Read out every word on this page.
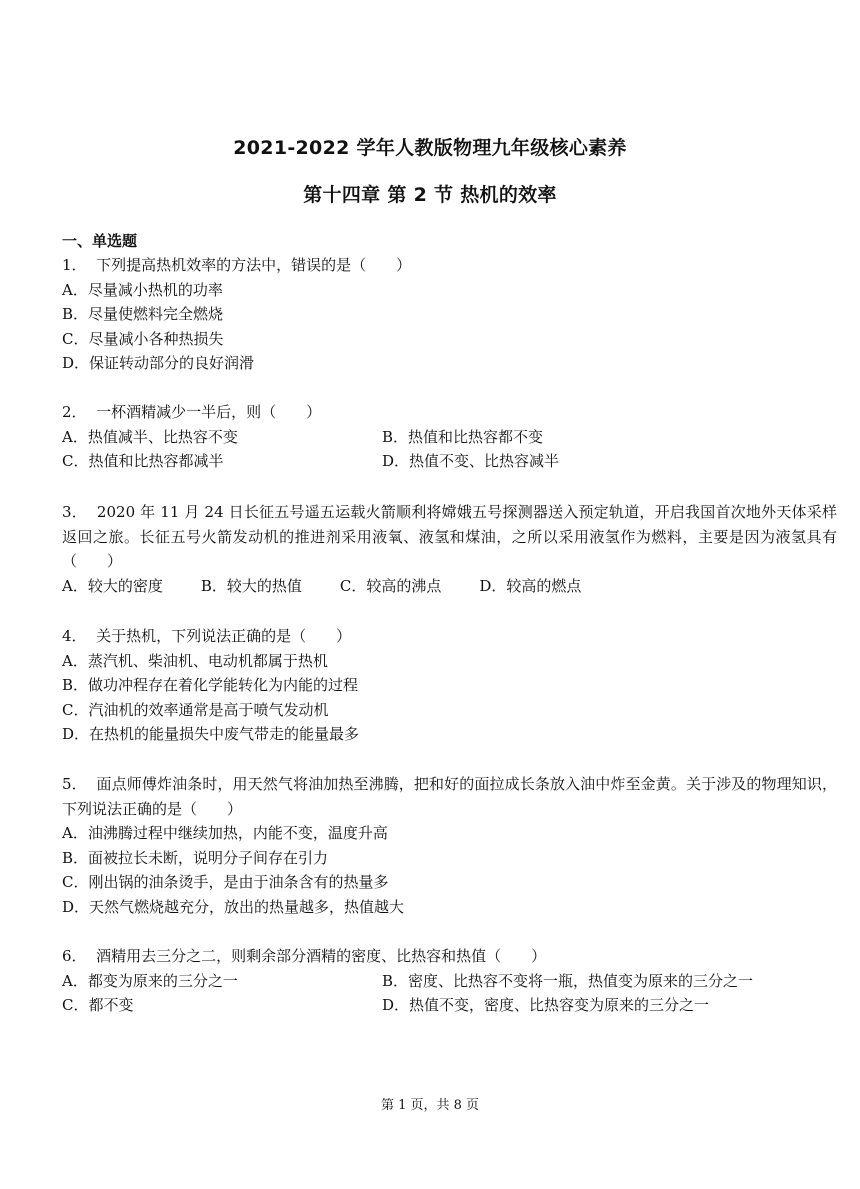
2021-2022 学年人教版物理九年级核心素养
第十四章 第 2 节 热机的效率
一、单选题
1．  下列提高热机效率的方法中，错误的是（　　）
A．尽量减小热机的功率
B．尽量使燃料完全燃烧
C．尽量减小各种热损失
D．保证转动部分的良好润滑
2．  一杯酒精减少一半后，则（　　）
A．热值减半、比热容不变	B．热值和比热容都不变
C．热值和比热容都减半	D．热值不变、比热容减半
3．  2020 年 11 月 24 日长征五号遥五运载火箭顺利将嫦娥五号探测器送入预定轨道，开启我国首次地外天体采样返回之旅。长征五号火箭发动机的推进剂采用液氧、液氢和煤油，之所以采用液氢作为燃料，主要是因为液氢具有（　　）
A．较大的密度	B．较大的热值	C．较高的沸点	D．较高的燃点
4．  关于热机，下列说法正确的是（　　）
A．蒸汽机、柴油机、电动机都属于热机
B．做功冲程存在着化学能转化为内能的过程
C．汽油机的效率通常是高于喷气发动机
D．在热机的能量损失中废气带走的能量最多
5．  面点师傅炸油条时，用天然气将油加热至沸腾，把和好的面拉成长条放入油中炸至金黄。关于涉及的物理知识，下列说法正确的是（　　）
A．油沸腾过程中继续加热，内能不变，温度升高
B．面被拉长未断，说明分子间存在引力
C．刚出锅的油条烫手，是由于油条含有的热量多
D．天然气燃烧越充分，放出的热量越多，热值越大
6．  酒精用去三分之二，则剩余部分酒精的密度、比热容和热值（　　）
A．都变为原来的三分之一	B．密度、比热容不变将一瓶，热值变为原来的三分之一
C．都不变	D．热值不变，密度、比热容变为原来的三分之一
第 1 页，共 8 页
